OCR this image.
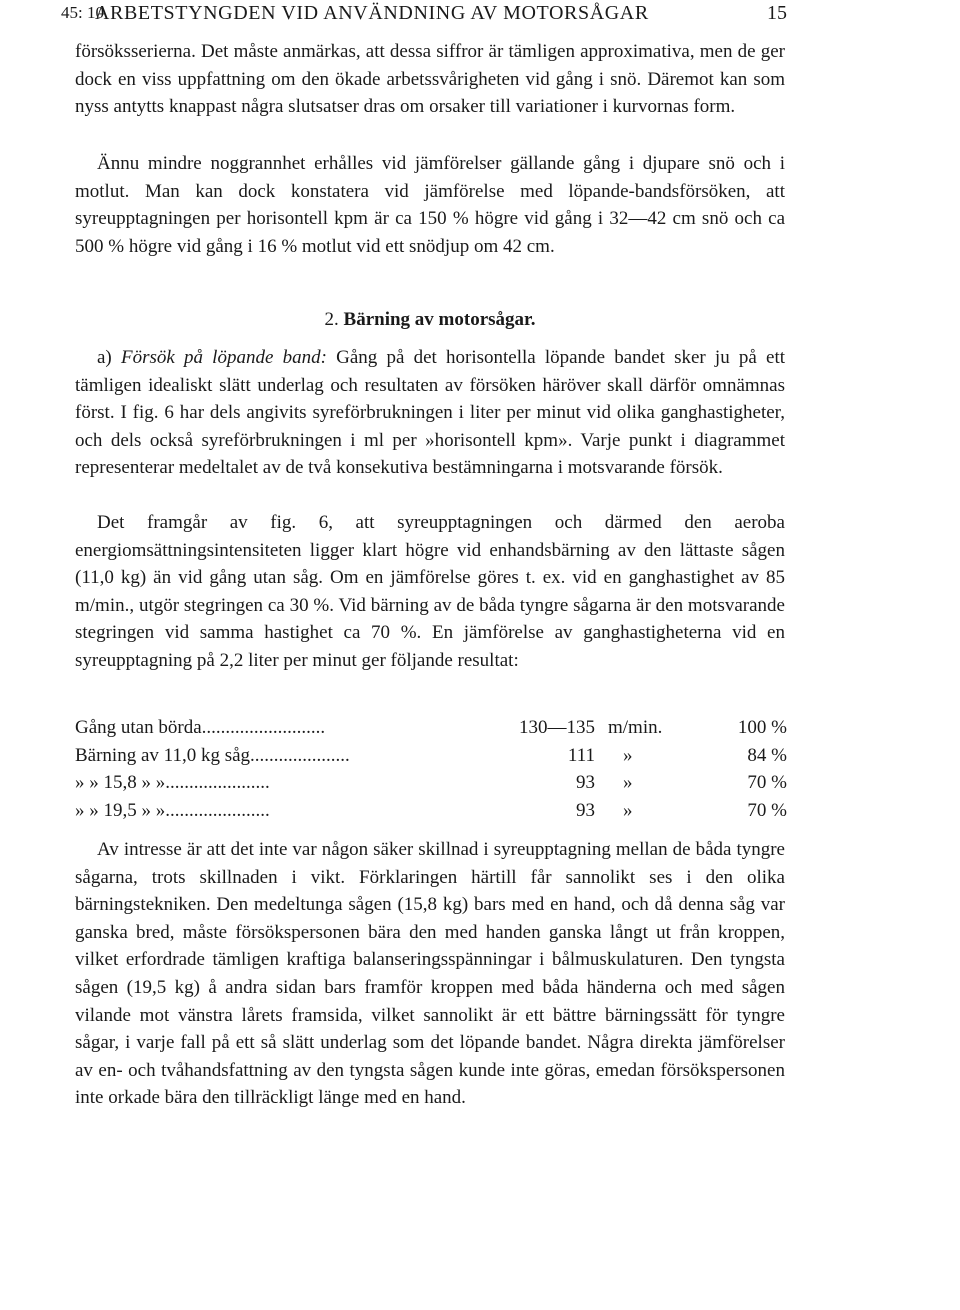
45: 10
ARBETSTYNGDEN VID ANVÄNDNING AV MOTORSÅGAR	15

försöksserierna. Det måste anmärkas, att dessa siffror är tämligen approximativa, men de ger dock en viss uppfattning om den ökade arbetssvårigheten vid gång i snö. Däremot kan som nyss antytts knappast några slutsatser dras om orsaker till variationer i kurvornas form.

Ännu mindre noggrannhet erhålles vid jämförelser gällande gång i djupare snö och i motlut. Man kan dock konstatera vid jämförelse med löpande-bandsförsöken, att syreupptagningen per horisontell kpm är ca 150 % högre vid gång i 32—42 cm snö och ca 500 % högre vid gång i 16 % motlut vid ett snödjup om 42 cm.

2. Bärning av motorsågar.

a) Försök på löpande band: Gång på det horisontella löpande bandet sker ju på ett tämligen idealiskt slätt underlag och resultaten av försöken häröver skall därför omnämnas först. I fig. 6 har dels angivits syreförbrukningen i liter per minut vid olika ganghastigheter, och dels också syreförbrukningen i ml per »horisontell kpm». Varje punkt i diagrammet representerar medeltalet av de två konsekutiva bestämningarna i motsvarande försök.

Det framgår av fig. 6, att syreupptagningen och därmed den aeroba energiomsättningsintensiteten ligger klart högre vid enhandsbärning av den lättaste sågen (11,0 kg) än vid gång utan såg. Om en jämförelse göres t. ex. vid en ganghastighet av 85 m/min., utgör stegringen ca 30 %. Vid bärning av de båda tyngre sågarna är den motsvarande stegringen vid samma hastighet ca 70 %. En jämförelse av ganghastigheterna vid en syreupptagning på 2,2 liter per minut ger följande resultat:

Gång utan börda..........................	130—135 m/min.	100 %
Bärning av 11,0 kg såg.....................	111 »	84 %
» » 15,8 » »......................	93 »	70 %
» » 19,5 » »......................	93 »	70 %

Av intresse är att det inte var någon säker skillnad i syreupptagning mellan de båda tyngre sågarna, trots skillnaden i vikt. Förklaringen härtill får sannolikt ses i den olika bärningstekniken. Den medeltunga sågen (15,8 kg) bars med en hand, och då denna såg var ganska bred, måste försökspersonen bära den med handen ganska långt ut från kroppen, vilket erfordrade tämligen kraftiga balanseringsspänningar i bålmuskulaturen. Den tyngsta sågen (19,5 kg) å andra sidan bars framför kroppen med båda händerna och med sågen vilande mot vänstra lårets framsida, vilket sannolikt är ett bättre bärningssätt för tyngre sågar, i varje fall på ett så slätt underlag som det löpande bandet. Några direkta jämförelser av en- och tvåhandsfattning av den tyngsta sågen kunde inte göras, emedan försökspersonen inte orkade bära den tillräckligt länge med en hand.
